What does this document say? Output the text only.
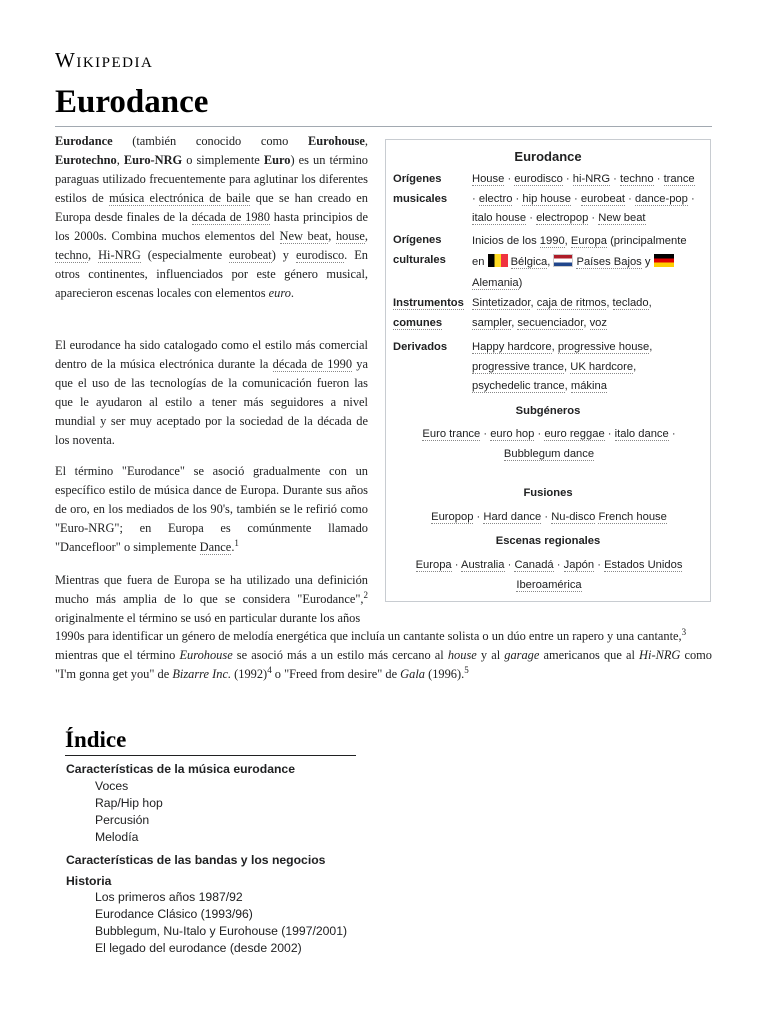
Wikipedia
Eurodance
Eurodance (también conocido como Eurohouse, Eurotechno, Euro-NRG o simplemente Euro) es un término paraguas utilizado frecuentemente para aglutinar los diferentes estilos de música electrónica de baile que se han creado en Europa desde finales de la década de 1980 hasta principios de los 2000s. Combina muchos elementos del New beat, house, techno, Hi-NRG (especialmente eurobeat) y eurodisco. En otros continentes, influenciados por este género musical, aparecieron escenas locales con elementos euro.
El eurodance ha sido catalogado como el estilo más comercial dentro de la música electrónica durante la década de 1990 ya que el uso de las tecnologías de la comunicación fueron las que le ayudaron al estilo a tener más seguidores a nivel mundial y ser muy aceptado por la sociedad de la década de los noventa.
El término "Eurodance" se asoció gradualmente con un específico estilo de música dance de Europa. Durante sus años de oro, en los mediados de los 90's, también se le refirió como "Euro-NRG"; en Europa es comúnmente llamado "Dancefloor" o simplemente Dance.$^1$
Mientras que fuera de Europa se ha utilizado una definición mucho más amplia de lo que se considera "Eurodance",$^2$ originalmente el término se usó en particular durante los años
1990s para identificar un género de melodía energética que incluía un cantante solista o un dúo entre un rapero y una cantante,$^3$
mientras que el término Eurohouse se asoció más a un estilo más cercano al house y al garage americanos que al Hi-NRG como
"I'm gonna get you" de Bizarre Inc. $(1992)^4$ o "Freed from desire" de Gala (1996).$^5$
Eurodance
Orígenes
musicales
House · eurodisco · hi-NRG · techno · trance
· electro · hip house · eurobeat · dance-pop ·
italo house · electropop · New beat
Orígenes
culturales
Inicios de los 1990, Europa (principalmente
en Bélgica, Países Bajos y
Alemania)
Instrumentos
comunes
Sintetizador, caja de ritmos, teclado,
sampler, secuenciador, voz
Derivados	Happy hardcore, progressive house,
progressive trance, UK hardcore,
psychedelic trance, mákina
Subgéneros
Euro trance · euro hop · euro reggae · italo dance ·
Bubblegum dance
Fusiones
Europop · Hard dance · Nu-disco French house
Escenas regionales
Europa · Australia · Canadá · Japón · Estados Unidos
Iberoamérica
Índice
Características de la música eurodance
Voces
Rap/Hip hop
Percusión
Melodía
Características de las bandas y los negocios
Historia
Los primeros años 1987/92
Eurodance Clásico (1993/96)
Bubblegum, Nu-Italo y Eurohouse (1997/2001)
El legado del eurodance (desde 2002)
